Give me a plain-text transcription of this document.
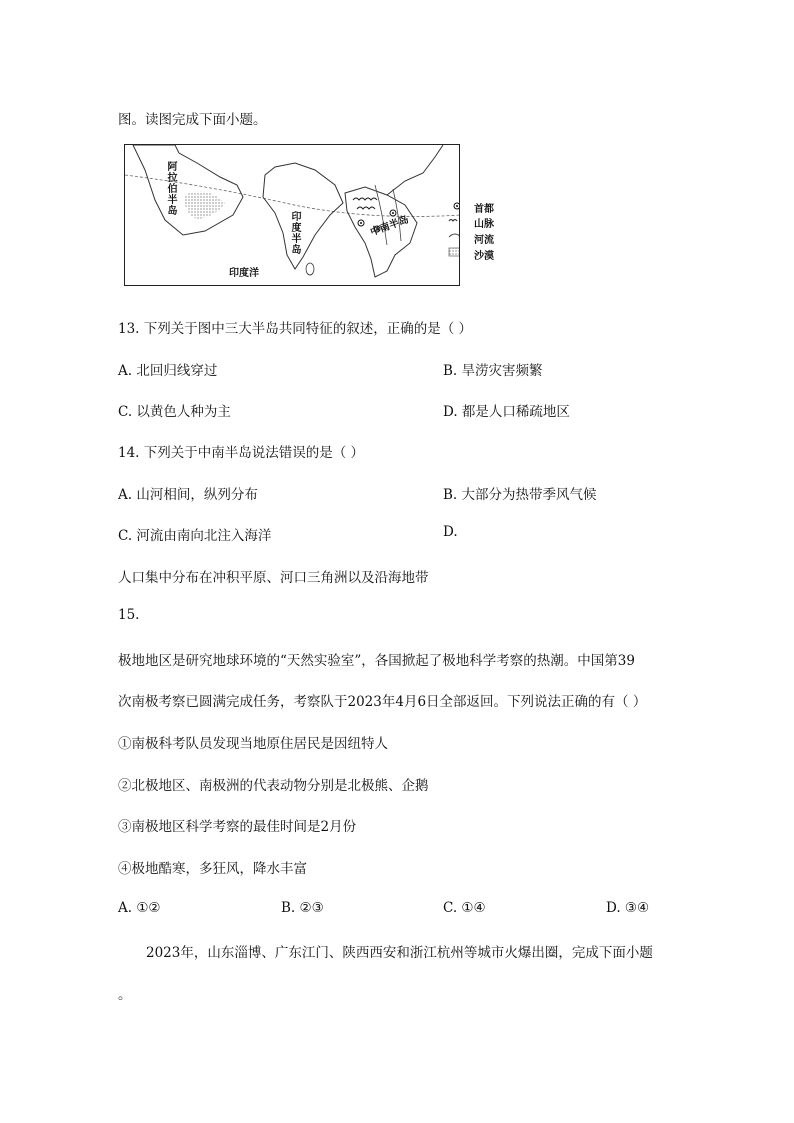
图。读图完成下面小题。
阿拉伯半岛
印度半岛	中南半岛
印度洋
首都
山脉
河流
沙漠
13. 下列关于图中三大半岛共同特征的叙述，正确的是（ ）
A. 北回归线穿过	B. 旱涝灾害频繁
C. 以黄色人种为主	D. 都是人口稀疏地区
14. 下列关于中南半岛说法错误的是（ ）
A. 山河相间，纵列分布	B. 大部分为热带季风气候
C. 河流由南向北注入海洋	D.
人口集中分布在冲积平原、河口三角洲以及沿海地带
15.
极地地区是研究地球环境的“天然实验室”，各国掀起了极地科学考察的热潮。中国第39
次南极考察已圆满完成任务，考察队于2023年4月6日全部返回。下列说法正确的有（ ）
①南极科考队员发现当地原住居民是因纽特人
②北极地区、南极洲的代表动物分别是北极熊、企鹅
③南极地区科学考察的最佳时间是2月份
④极地酷寒，多狂风，降水丰富
A. ①②	B. ②③	C. ①④	D. ③④
2023年，山东淄博、广东江门、陕西西安和浙江杭州等城市火爆出圈，完成下面小题
。
